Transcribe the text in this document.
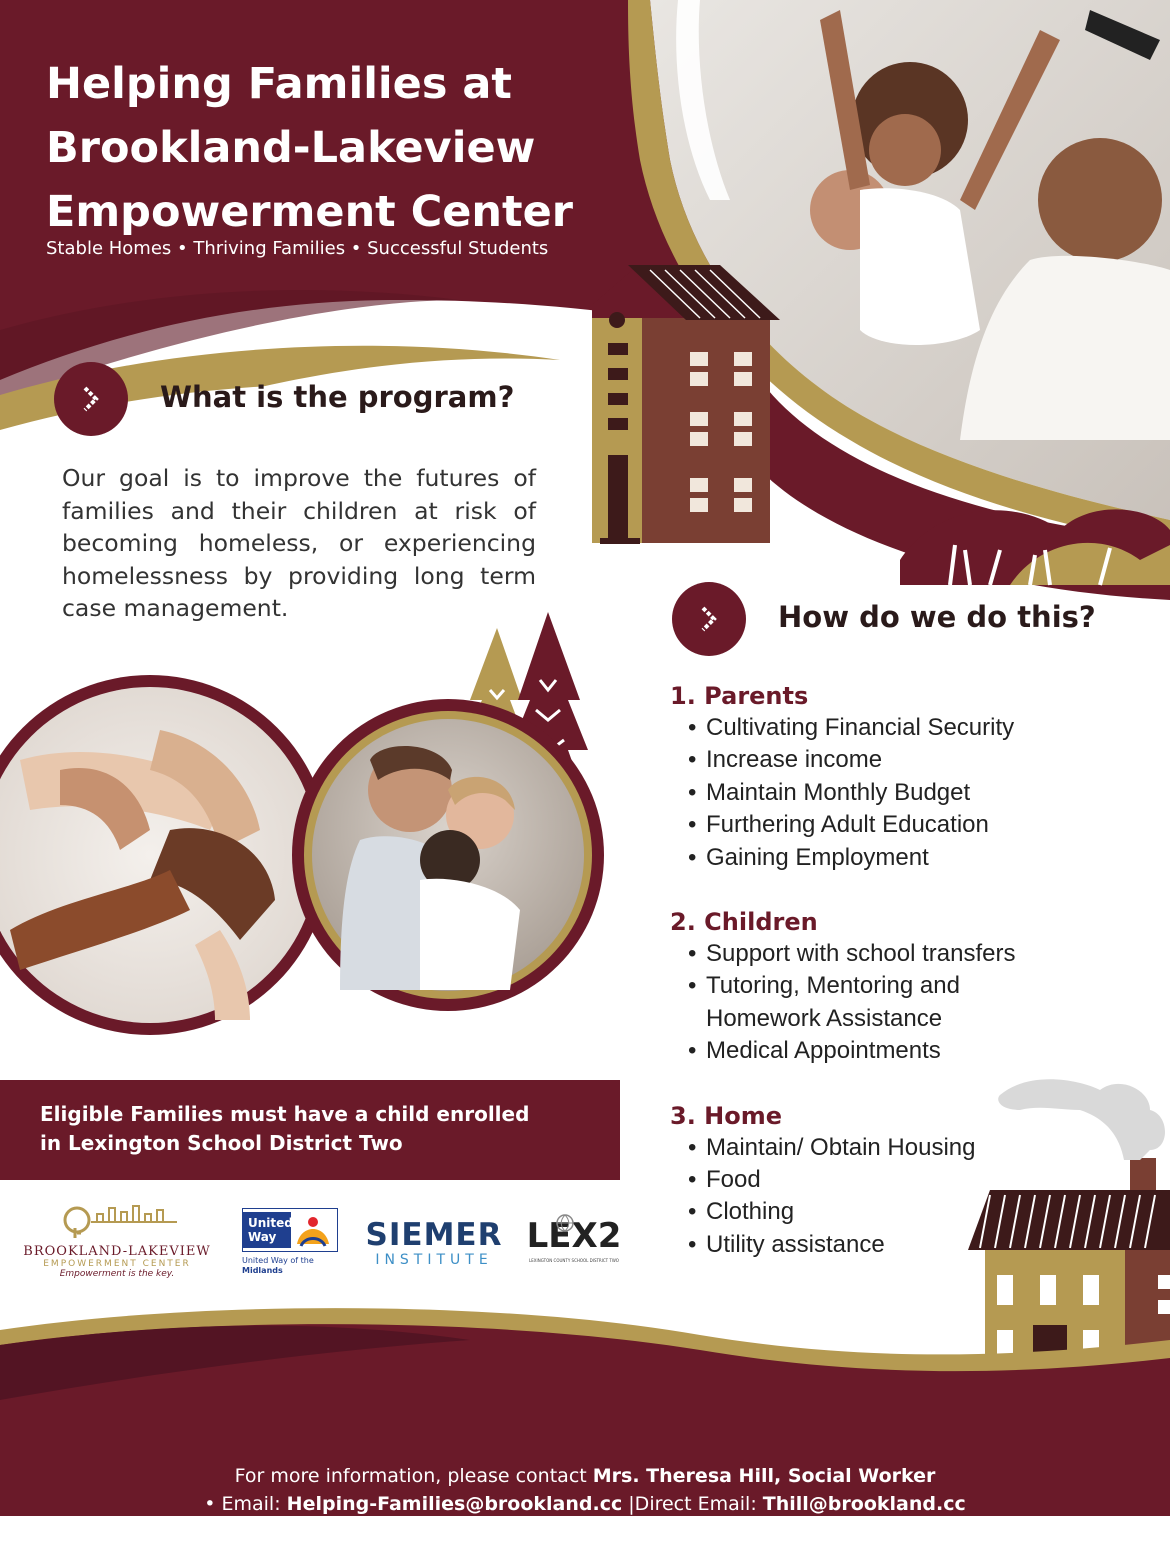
Helping Families at
Brookland-Lakeview
Empowerment Center
Stable Homes • Thriving Families • Successful Students
What is the program?
Our goal is to improve the futures of families and their children at risk of becoming homeless, or experiencing homelessness by providing long term case management.	How do we do this?

1. Parents

• Cultivating Financial Security
• Increase income
• Maintain Monthly Budget
• Furthering Adult Education
• Gaining Employment

2. Children

• Support with school transfers
• Tutoring, Mentoring and Homework Assistance
• Medical Appointments

3. Home

• Maintain/ Obtain Housing
• Food
• Clothing
• Utility assistance
Eligible Families must have a child enrolled
in Lexington School District Two
BROOKLAND-LAKEVIEW
EMPOWERMENT CENTER
Empowerment is the key.
United
Way
United Way of the
Midlands
SIEMER
INSTITUTE
LEX2
LEXINGTON COUNTY SCHOOL DISTRICT TWO
For more information, please contact Mrs. Theresa Hill, Social Worker
• Email: Helping-Families@brookland.cc |Direct Email: Thill@brookland.cc
• Office: (803) 744-7949
